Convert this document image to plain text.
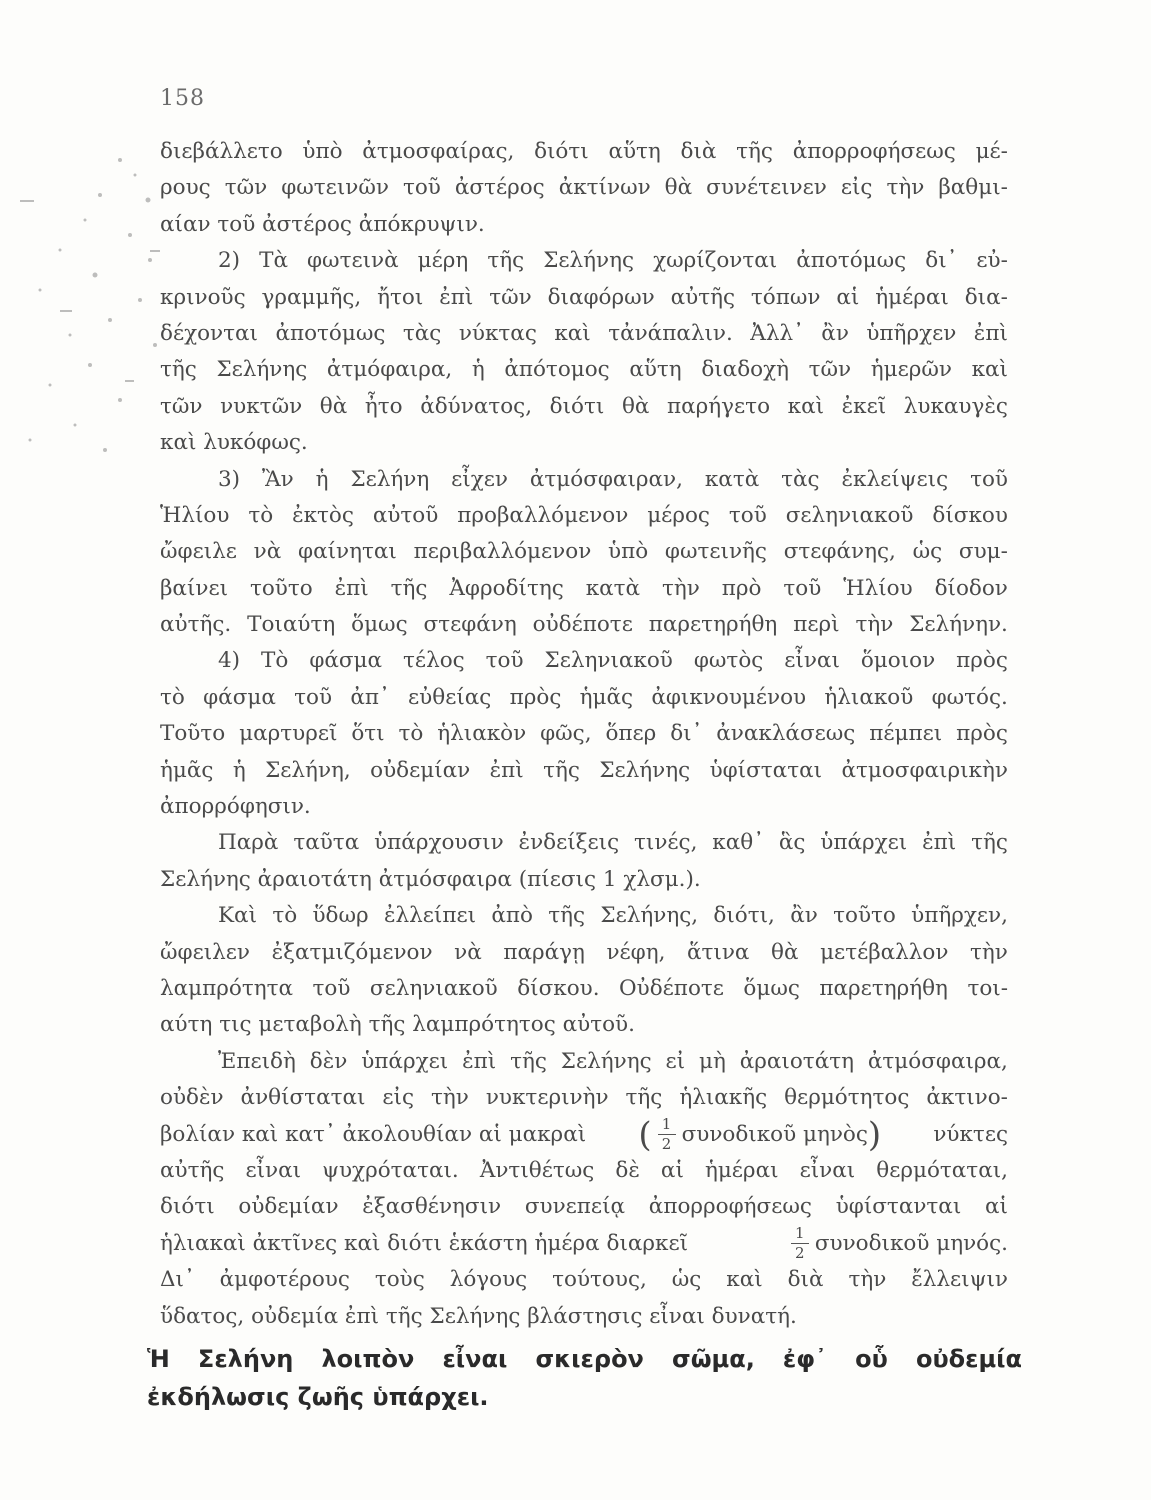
158
διεβάλλετο ὑπὸ ἀτμοσφαίρας, διότι αὕτη διὰ τῆς ἀπορροφήσεως μέ-
ρους τῶν φωτεινῶν τοῦ ἀστέρος ἀκτίνων θὰ συνέτεινεν εἰς τὴν βαθμι-
αίαν τοῦ ἀστέρος ἀπόκρυψιν.
2) Τὰ φωτεινὰ μέρη τῆς Σελήνης χωρίζονται ἀποτόμως δι᾽ εὐ-
κρινοῦς γραμμῆς, ἤτοι ἐπὶ τῶν διαφόρων αὐτῆς τόπων αἱ ἡμέραι δια-
δέχονται ἀποτόμως τὰς νύκτας καὶ τἀνάπαλιν. Ἀλλ᾽ ἂν ὑπῆρχεν ἐπὶ
τῆς Σελήνης ἀτμόφαιρα, ἡ ἀπότομος αὕτη διαδοχὴ τῶν ἡμερῶν καὶ
τῶν νυκτῶν θὰ ἦτο ἀδύνατος, διότι θὰ παρήγετο καὶ ἐκεῖ λυκαυγὲς
καὶ λυκόφως.
3) Ἂν ἡ Σελήνη εἶχεν ἀτμόσφαιραν, κατὰ τὰς ἐκλείψεις τοῦ
Ἡλίου τὸ ἐκτὸς αὐτοῦ προβαλλόμενον μέρος τοῦ σεληνιακοῦ δίσκου
ὤφειλε νὰ φαίνηται περιβαλλόμενον ὑπὸ φωτεινῆς στεφάνης, ὡς συμ-
βαίνει τοῦτο ἐπὶ τῆς Ἀφροδίτης κατὰ τὴν πρὸ τοῦ Ἡλίου δίοδον
αὐτῆς. Τοιαύτη ὅμως στεφάνη οὐδέποτε παρετηρήθη περὶ τὴν Σελήνην.
4) Τὸ φάσμα τέλος τοῦ Σεληνιακοῦ φωτὸς εἶναι ὅμοιον πρὸς
τὸ φάσμα τοῦ ἀπ᾽ εὐθείας πρὸς ἡμᾶς ἀφικνουμένου ἡλιακοῦ φωτός.
Τοῦτο μαρτυρεῖ ὅτι τὸ ἡλιακὸν φῶς, ὅπερ δι᾽ ἀνακλάσεως πέμπει πρὸς
ἡμᾶς ἡ Σελήνη, οὐδεμίαν ἐπὶ τῆς Σελήνης ὑφίσταται ἀτμοσφαιρικὴν
ἀπορρόφησιν.
Παρὰ ταῦτα ὑπάρχουσιν ἐνδείξεις τινές, καθ᾽ ἃς ὑπάρχει ἐπὶ τῆς
Σελήνης ἀραιοτάτη ἀτμόσφαιρα (πίεσις 1 χλσμ.).
Καὶ τὸ ὕδωρ ἐλλείπει ἀπὸ τῆς Σελήνης, διότι, ἂν τοῦτο ὑπῆρχεν,
ὤφειλεν ἐξατμιζόμενον νὰ παράγῃ νέφη, ἅτινα θὰ μετέβαλλον τὴν
λαμπρότητα τοῦ σεληνιακοῦ δίσκου. Οὐδέποτε ὅμως παρετηρήθη τοι-
αύτη τις μεταβολὴ τῆς λαμπρότητος αὐτοῦ.
Ἐπειδὴ δὲν ὑπάρχει ἐπὶ τῆς Σελήνης εἰ μὴ ἀραιοτάτη ἀτμόσφαιρα,
οὐδὲν ἀνθίσταται εἰς τὴν νυκτερινὴν τῆς ἡλιακῆς θερμότητος ἀκτινο-
βολίαν καὶ κατ᾽ ἀκολουθίαν αἱ μακραὶ ( $\frac{1}{2}$ συνοδικοῦ μηνὸς ) νύκτες
αὐτῆς εἶναι ψυχρόταται. Ἀντιθέτως δὲ αἱ ἡμέραι εἶναι θερμόταται,
διότι οὐδεμίαν ἐξασθένησιν συνεπείᾳ ἀπορροφήσεως ὑφίστανται αἱ
ἡλιακαὶ ἀκτῖνες καὶ διότι ἑκάστη ἡμέρα διαρκεῖ	$\frac{1}{2}$ συνοδικοῦ μηνός.
Δι᾽ ἀμφοτέρους τοὺς λόγους τούτους, ὡς καὶ διὰ τὴν ἔλλειψιν
ὕδατος, οὐδεμία ἐπὶ τῆς Σελήνης βλάστησις εἶναι δυνατή.
Ἡ Σελήνη λοιπὸν εἶναι σκιερὸν σῶμα, ἐφ᾽ οὗ οὐδεμία
ἐκδήλωσις ζωῆς ὑπάρχει.
